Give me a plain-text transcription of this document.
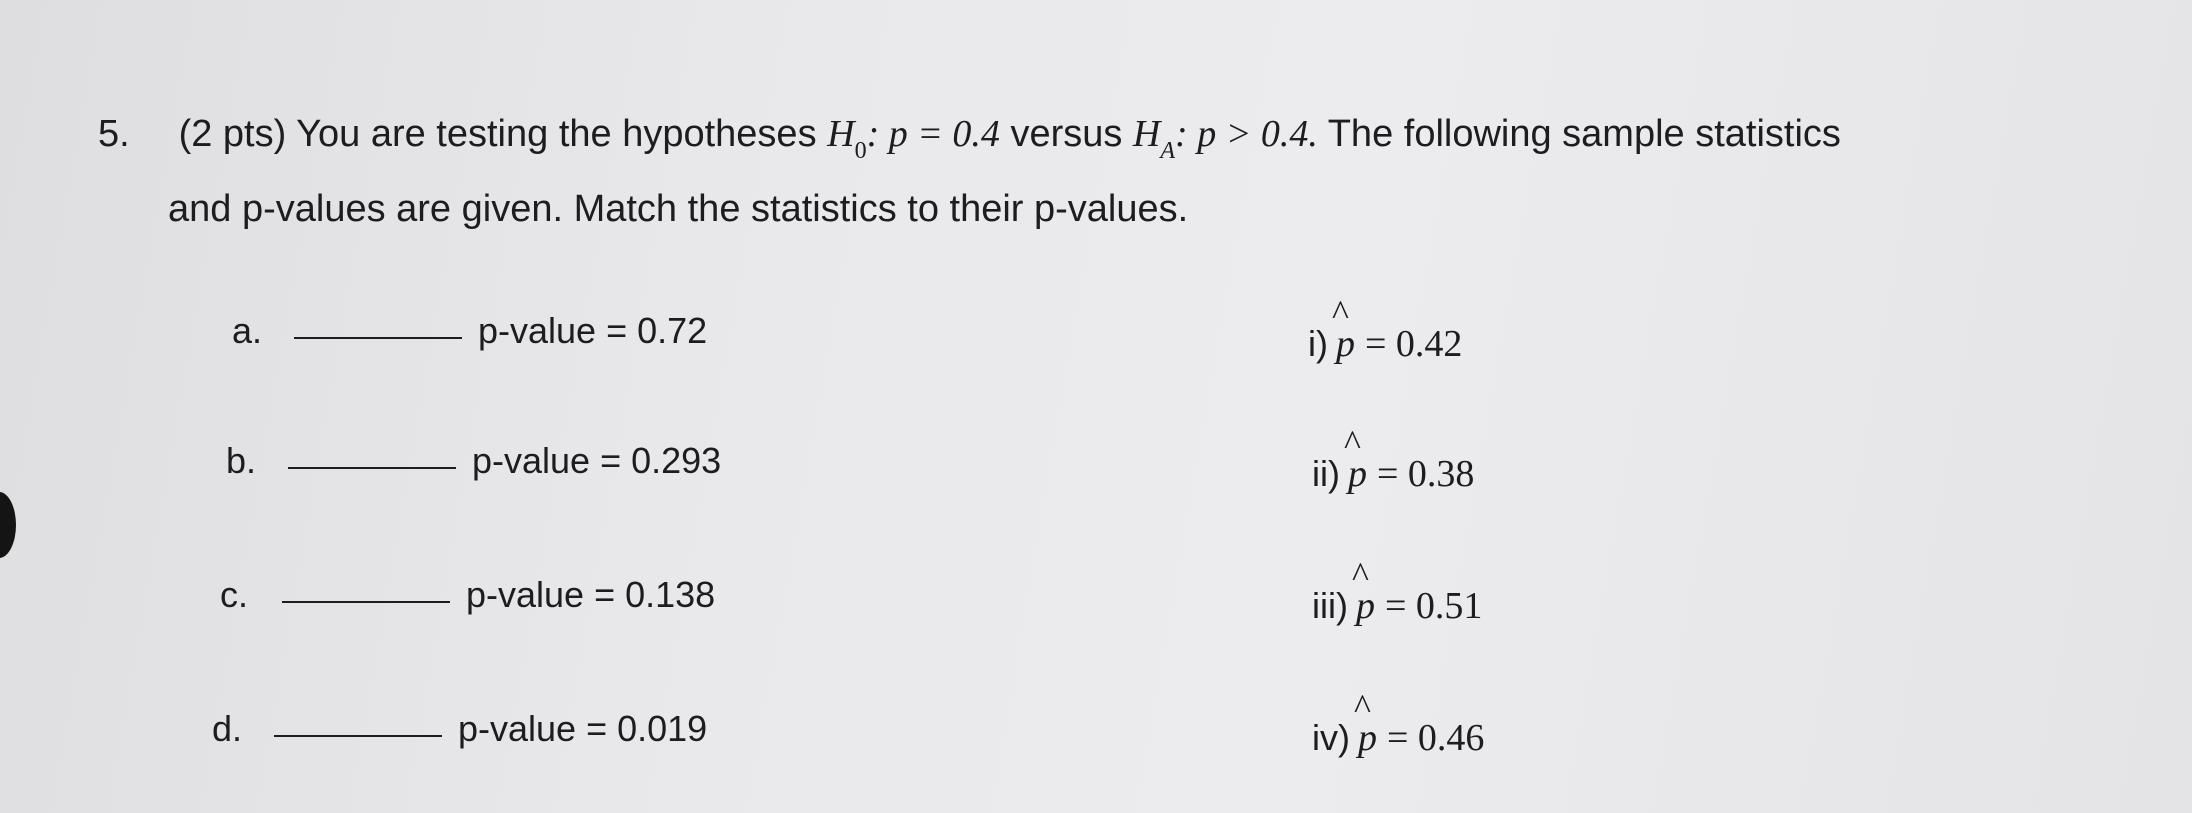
5. (2 pts) You are testing the hypotheses $H_0$: p = 0.4 versus $H_A$: p > 0.4. The following sample statistics
and p-values are given. Match the statistics to their p-values.
a.	p-value = 0.72
b.	p-value = 0.293
c.	p-value = 0.138
d.	p-value = 0.019
i)
^
p = 0.42
ii)
^
p = 0.38
iii)
^
p = 0.51
iv)
^
p = 0.46
